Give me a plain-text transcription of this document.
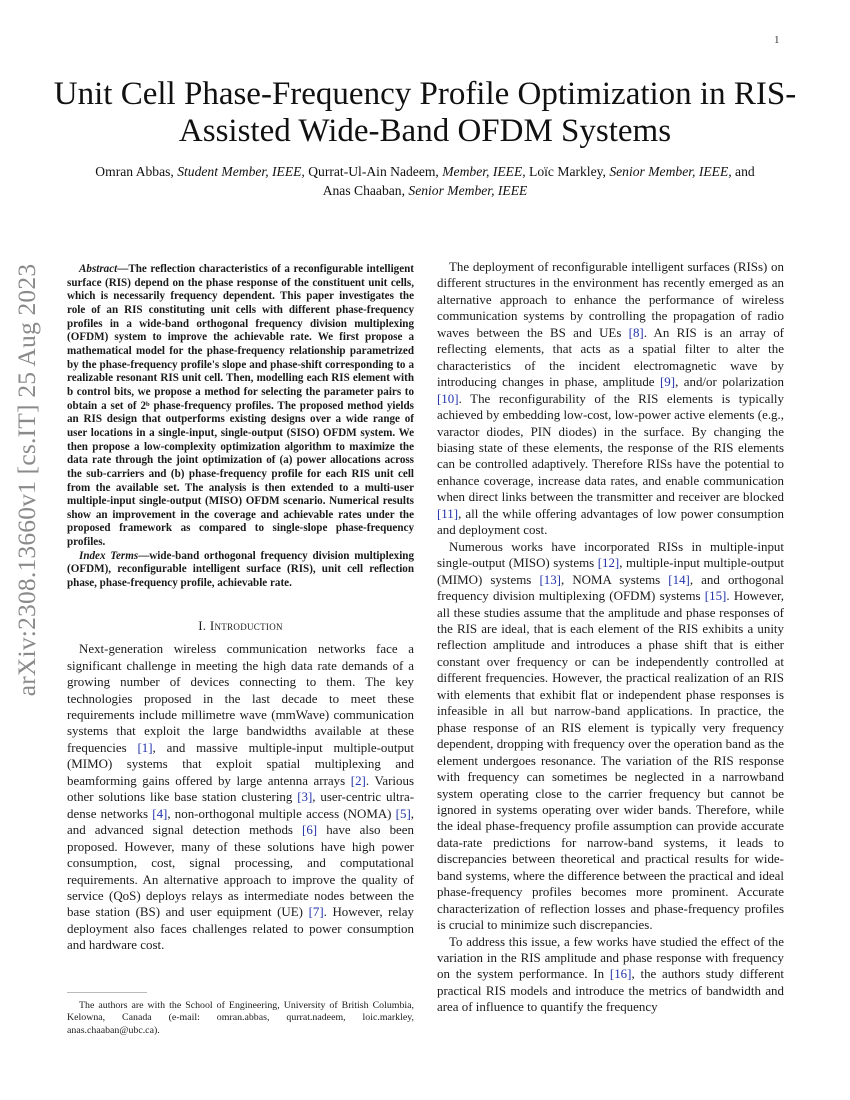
1
arXiv:2308.13660v1 [cs.IT] 25 Aug 2023
Unit Cell Phase-Frequency Profile Optimization in RIS-Assisted Wide-Band OFDM Systems
Omran Abbas, Student Member, IEEE, Qurrat-Ul-Ain Nadeem, Member, IEEE, Loïc Markley, Senior Member, IEEE, and Anas Chaaban, Senior Member, IEEE

Abstract—The reflection characteristics of a reconfigurable intelligent surface (RIS) depend on the phase response of the constituent unit cells, which is necessarily frequency dependent. This paper investigates the role of an RIS constituting unit cells with different phase-frequency profiles in a wide-band orthogonal frequency division multiplexing (OFDM) system to improve the achievable rate. We first propose a mathematical model for the phase-frequency relationship parametrized by the phase-frequency profile's slope and phase-shift corresponding to a realizable resonant RIS unit cell. Then, modelling each RIS element with b control bits, we propose a method for selecting the parameter pairs to obtain a set of 2ᵇ phase-frequency profiles. The proposed method yields an RIS design that outperforms existing designs over a wide range of user locations in a single-input, single-output (SISO) OFDM system. We then propose a low-complexity optimization algorithm to maximize the data rate through the joint optimization of (a) power allocations across the sub-carriers and (b) phase-frequency profile for each RIS unit cell from the available set. The analysis is then extended to a multi-user multiple-input single-output (MISO) OFDM scenario. Numerical results show an improvement in the coverage and achievable rates under the proposed framework as compared to single-slope phase-frequency profiles.

Index Terms—wide-band orthogonal frequency division multiplexing (OFDM), reconfigurable intelligent surface (RIS), unit cell reflection phase, phase-frequency profile, achievable rate.

I. Introduction

Next-generation wireless communication networks face a significant challenge in meeting the high data rate demands of a growing number of devices connecting to them. The key technologies proposed in the last decade to meet these requirements include millimetre wave (mmWave) communication systems that exploit the large bandwidths available at these frequencies [1], and massive multiple-input multiple-output (MIMO) systems that exploit spatial multiplexing and beamforming gains offered by large antenna arrays [2]. Various other solutions like base station clustering [3], user-centric ultra-dense networks [4], non-orthogonal multiple access (NOMA) [5], and advanced signal detection methods [6] have also been proposed. However, many of these solutions have high power consumption, cost, signal processing, and computational requirements. An alternative approach to improve the quality of service (QoS) deploys relays as intermediate nodes between the base station (BS) and user equipment (UE) [7]. However, relay deployment also faces challenges related to power consumption and hardware cost.

The authors are with the School of Engineering, University of British Columbia, Kelowna, Canada (e-mail: omran.abbas, qurrat.nadeem, loic.markley, anas.chaaban@ubc.ca).

The deployment of reconfigurable intelligent surfaces (RISs) on different structures in the environment has recently emerged as an alternative approach to enhance the performance of wireless communication systems by controlling the propagation of radio waves between the BS and UEs [8]. An RIS is an array of reflecting elements, that acts as a spatial filter to alter the characteristics of the incident electromagnetic wave by introducing changes in phase, amplitude [9], and/or polarization [10]. The reconfigurability of the RIS elements is typically achieved by embedding low-cost, low-power active elements (e.g., varactor diodes, PIN diodes) in the surface. By changing the biasing state of these elements, the response of the RIS elements can be controlled adaptively. Therefore RISs have the potential to enhance coverage, increase data rates, and enable communication when direct links between the transmitter and receiver are blocked [11], all the while offering advantages of low power consumption and deployment cost.

Numerous works have incorporated RISs in multiple-input single-output (MISO) systems [12], multiple-input multiple-output (MIMO) systems [13], NOMA systems [14], and orthogonal frequency division multiplexing (OFDM) systems [15]. However, all these studies assume that the amplitude and phase responses of the RIS are ideal, that is each element of the RIS exhibits a unity reflection amplitude and introduces a phase shift that is either constant over frequency or can be independently controlled at different frequencies. However, the practical realization of an RIS with elements that exhibit flat or independent phase responses is infeasible in all but narrow-band applications. In practice, the phase response of an RIS element is typically very frequency dependent, dropping with frequency over the operation band as the element undergoes resonance. The variation of the RIS response with frequency can sometimes be neglected in a narrowband system operating close to the carrier frequency but cannot be ignored in systems operating over wider bands. Therefore, while the ideal phase-frequency profile assumption can provide accurate data-rate predictions for narrow-band systems, it leads to discrepancies between theoretical and practical results for wide-band systems, where the difference between the practical and ideal phase-frequency profiles becomes more prominent. Accurate characterization of reflection losses and phase-frequency profiles is crucial to minimize such discrepancies.

To address this issue, a few works have studied the effect of the variation in the RIS amplitude and phase response with frequency on the system performance. In [16], the authors study different practical RIS models and introduce the metrics of bandwidth and area of influence to quantify the frequency
